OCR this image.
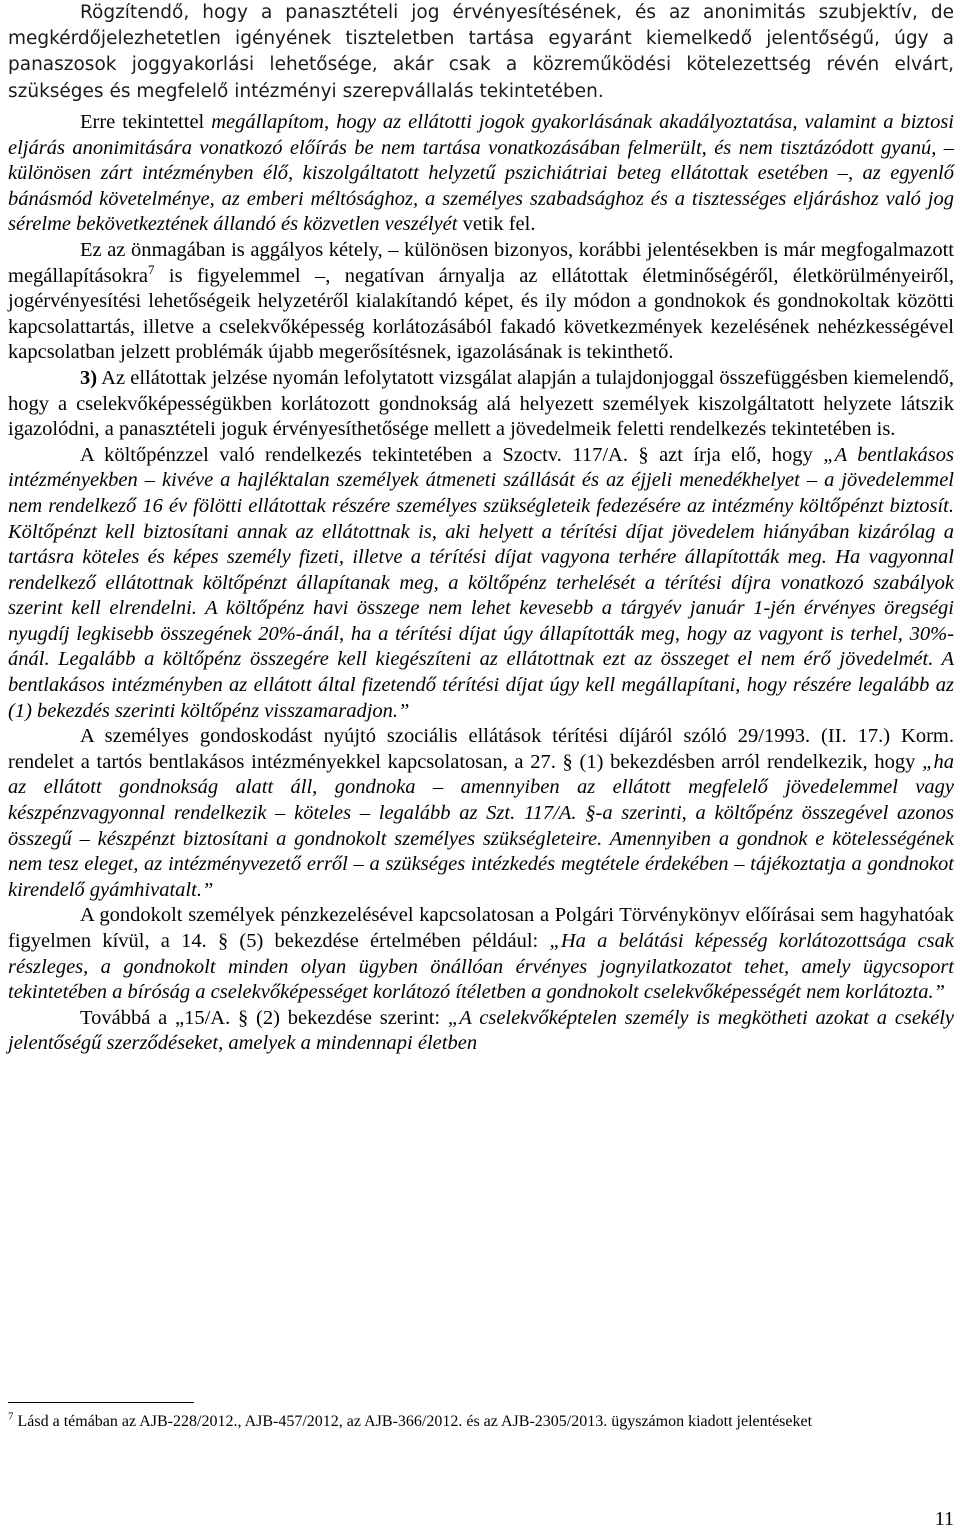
Rögzítendő, hogy a panasztételi jog érvényesítésének, és az anonimitás szubjektív, de megkérdőjelezhetetlen igényének tiszteletben tartása egyaránt kiemelkedő jelentőségű, úgy a panaszosok joggyakorlási lehetősége, akár csak a közreműködési kötelezettség révén elvárt, szükséges és megfelelő intézményi szerepvállalás tekintetében.

Erre tekintettel megállapítom, hogy az ellátotti jogok gyakorlásának akadályoztatása, valamint a biztosi eljárás anonimitására vonatkozó előírás be nem tartása vonatkozásában felmerült, és nem tisztázódott gyanú, – különösen zárt intézményben élő, kiszolgáltatott helyzetű pszichiátriai beteg ellátottak esetében –, az egyenlő bánásmód követelménye, az emberi méltósághoz, a személyes szabadsághoz és a tisztességes eljáráshoz való jog sérelme bekövetkeztének állandó és közvetlen veszélyét vetik fel.

Ez az önmagában is aggályos kétely, – különösen bizonyos, korábbi jelentésekben is már megfogalmazott megállapításokra$^7$ is figyelemmel –, negatívan árnyalja az ellátottak életminőségéről, életkörülményeiről, jogérvényesítési lehetőségeik helyzetéről kialakítandó képet, és ily módon a gondnokok és gondnokoltak közötti kapcsolattartás, illetve a cselekvőképesség korlátozásából fakadó következmények kezelésének nehézkességével kapcsolatban jelzett problémák újabb megerősítésnek, igazolásának is tekinthető.

3) Az ellátottak jelzése nyomán lefolytatott vizsgálat alapján a tulajdonjoggal összefüggésben kiemelendő, hogy a cselekvőképességükben korlátozott gondnokság alá helyezett személyek kiszolgáltatott helyzete látszik igazolódni, a panasztételi joguk érvényesíthetősége mellett a jövedelmeik feletti rendelkezés tekintetében is.

A költőpénzzel való rendelkezés tekintetében a Szoctv. 117/A. § azt írja elő, hogy „A bentlakásos intézményekben – kivéve a hajléktalan személyek átmeneti szállását és az éjjeli menedékhelyet – a jövedelemmel nem rendelkező 16 év fölötti ellátottak részére személyes szükségleteik fedezésére az intézmény költőpénzt biztosít. Költőpénzt kell biztosítani annak az ellátottnak is, aki helyett a térítési díjat jövedelem hiányában kizárólag a tartásra köteles és képes személy fizeti, illetve a térítési díjat vagyona terhére állapították meg. Ha vagyonnal rendelkező ellátottnak költőpénzt állapítanak meg, a költőpénz terhelését a térítési díjra vonatkozó szabályok szerint kell elrendelni. A költőpénz havi összege nem lehet kevesebb a tárgyév január 1-jén érvényes öregségi nyugdíj legkisebb összegének 20%-ánál, ha a térítési díjat úgy állapították meg, hogy az vagyont is terhel, 30%-ánál. Legalább a költőpénz összegére kell kiegészíteni az ellátottnak ezt az összeget el nem érő jövedelmét. A bentlakásos intézményben az ellátott által fizetendő térítési díjat úgy kell megállapítani, hogy részére legalább az (1) bekezdés szerinti költőpénz visszamaradjon.”

A személyes gondoskodást nyújtó szociális ellátások térítési díjáról szóló 29/1993. (II. 17.) Korm. rendelet a tartós bentlakásos intézményekkel kapcsolatosan, a 27. § (1) bekezdésben arról rendelkezik, hogy „ha az ellátott gondnokság alatt áll, gondnoka – amennyiben az ellátott megfelelő jövedelemmel vagy készpénzvagyonnal rendelkezik – köteles – legalább az Szt. 117/A. §-a szerinti, a költőpénz összegével azonos összegű – készpénzt biztosítani a gondnokolt személyes szükségleteire. Amennyiben a gondnok e kötelességének nem tesz eleget, az intézményvezető erről – a szükséges intézkedés megtétele érdekében – tájékoztatja a gondnokot kirendelő gyámhivatalt.”

A gondokolt személyek pénzkezelésével kapcsolatosan a Polgári Törvénykönyv előírásai sem hagyhatóak figyelmen kívül, a 14. § (5) bekezdése értelmében például: „Ha a belátási képesség korlátozottsága csak részleges, a gondnokolt minden olyan ügyben önállóan érvényes jognyilatkozatot tehet, amely ügycsoport tekintetében a bíróság a cselekvőképességet korlátozó ítéletben a gondnokolt cselekvőképességét nem korlátozta.”

Továbbá a „15/A. § (2) bekezdése szerint: „A cselekvőképtelen személy is megkötheti azokat a csekély jelentőségű szerződéseket, amelyek a mindennapi életben

$^7$ Lásd a témában az AJB-228/2012., AJB-457/2012, az AJB-366/2012. és az AJB-2305/2013. ügyszámon kiadott jelentéseket
11
